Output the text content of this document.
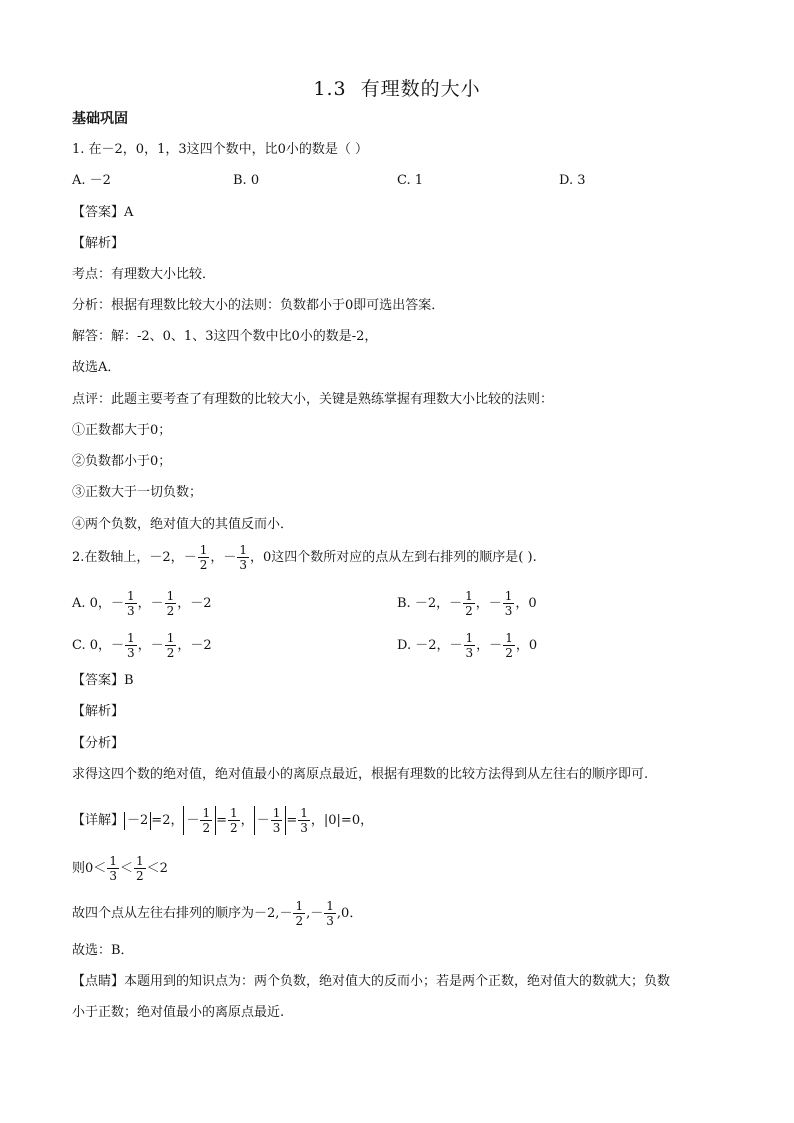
1.3 有理数的大小
基础巩固
1. 在－2，0，1，3这四个数中，比0小的数是（ ）
A. －2	B. 0	C. 1	D. 3
【答案】A
【解析】
考点：有理数大小比较．
分析：根据有理数比较大小的法则：负数都小于0即可选出答案．
解答：解：-2、0、1、3这四个数中比0小的数是-2，
故选A．
点评：此题主要考查了有理数的比较大小，关键是熟练掌握有理数大小比较的法则：
①正数都大于0；
②负数都小于0；
③正数大于一切负数；
④两个负数，绝对值大的其值反而小．
2.在数轴上，－2， － $\frac{1}{2}$ ， － $\frac{1}{3}$ ，0这四个数所对应的点从左到右排列的顺序是( ).
A. 0， － $\frac{1}{3}$ ， － $\frac{1}{2}$ ，－2	B. －2， － $\frac{1}{2}$ ， － $\frac{1}{3}$ ，0
C. 0， － $\frac{1}{3}$ ， － $\frac{1}{2}$ ，－2	D. －2， － $\frac{1}{3}$ ， － $\frac{1}{2}$ ，0
【答案】B
【解析】
【分析】
求得这四个数的绝对值，绝对值最小的离原点最近，根据有理数的比较方法得到从左往右的顺序即可.
【详解】 －2 =2， － $\frac{1}{2} = \frac{1}{2}$ ， － $\frac{1}{3} = \frac{1}{3}$ ， |0|=0，
则 $0 < \frac{1}{3} < \frac{1}{2} < 2$
故四个点从左往右排列的顺序为 －2 , － $\frac{1}{2}$ , － $\frac{1}{3}$ , 0 ．
故选：B．
【点睛】本题用到的知识点为：两个负数，绝对值大的反而小；若是两个正数，绝对值大的数就大；负数
小于正数；绝对值最小的离原点最近.
